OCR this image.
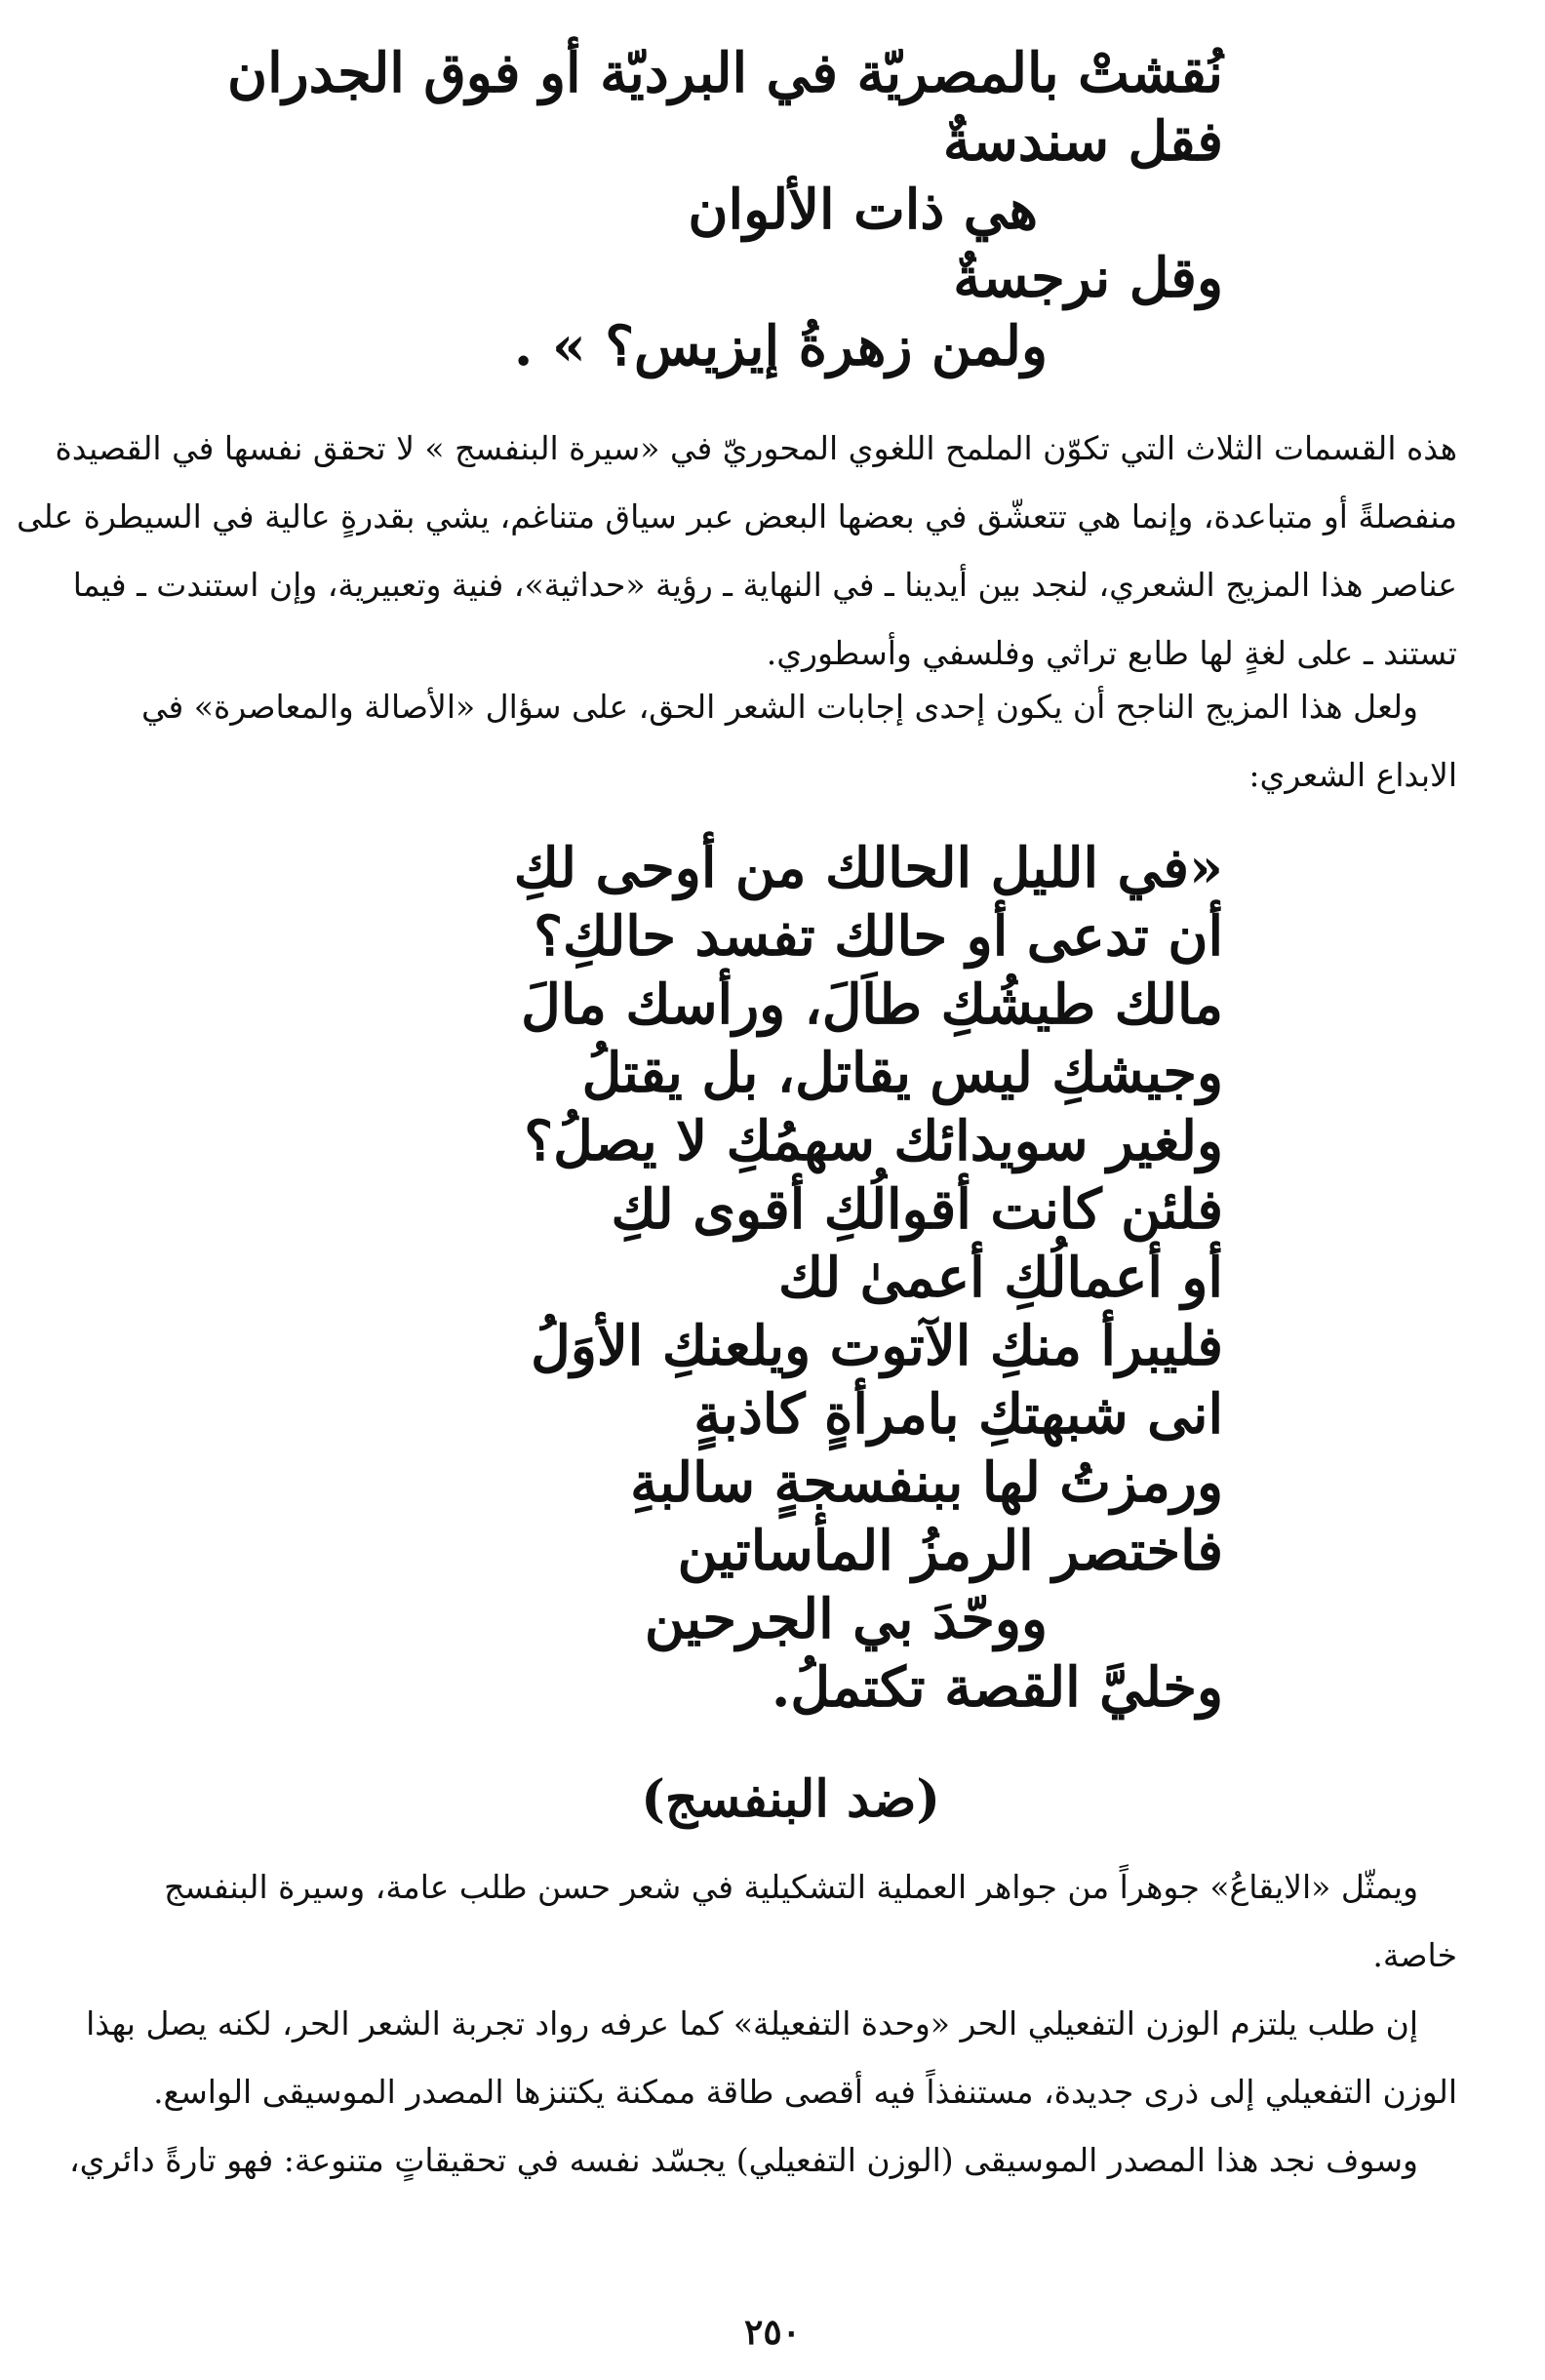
نُقشتْ بالمصريّة في البرديّة أو فوق الجدران
فقل سندسةٌ
هي ذات الألوان
وقل نرجسةٌ
ولمن زهرةُ إيزيس؟ » .
هذه القسمات الثلاث التي تكوّن الملمح اللغوي المحوريّ في «سيرة البنفسج » لا تحقق نفسها في القصيدة
منفصلةً أو متباعدة، وإنما هي تتعشّق في بعضها البعض عبر سياق متناغم، يشي بقدرةٍ عالية في السيطرة على
عناصر هذا المزيج الشعري، لنجد بين أيدينا ـ في النهاية ـ رؤية «حداثية»، فنية وتعبيرية، وإن استندت ـ فيما
تستند ـ على لغةٍ لها طابع تراثي وفلسفي وأسطوري.
ولعل هذا المزيج الناجح أن يكون إحدى إجابات الشعر الحق، على سؤال «الأصالة والمعاصرة» في
الابداع الشعري:
«في الليل الحالك من أوحى لكِ
أن تدعى أو حالك تفسد حالكِ؟
مالك طيشُكِ طاَلَ، ورأسك مالَ
وجيشكِ ليس يقاتل، بل يقتلُ
ولغير سويدائك سهمُكِ لا يصلُ؟
فلئن كانت أقوالُكِ أقوى لكِ
أو أعمالُكِ أعمىٰ لك
فليبرأ منكِ الآتوت ويلعنكِ الأوَلُ
انى شبهتكِ بامرأةٍ كاذبةٍ
ورمزتُ لها ببنفسجةٍ سالبةِ
فاختصر الرمزُ المأساتين
ووحّدَ بي الجرحين
وخليَّ القصة تكتملُ.
(ضد البنفسج)
ويمثّل «الايقاعُ» جوهراً من جواهر العملية التشكيلية في شعر حسن طلب عامة، وسيرة البنفسج
خاصة.
إن طلب يلتزم الوزن التفعيلي الحر «وحدة التفعيلة» كما عرفه رواد تجربة الشعر الحر، لكنه يصل بهذا
الوزن التفعيلي إلى ذرى جديدة، مستنفذاً فيه أقصى طاقة ممكنة يكتنزها المصدر الموسيقى الواسع.
وسوف نجد هذا المصدر الموسيقى (الوزن التفعيلي) يجسّد نفسه في تحقيقاتٍ متنوعة: فهو تارةً دائري،
٢٥٠
